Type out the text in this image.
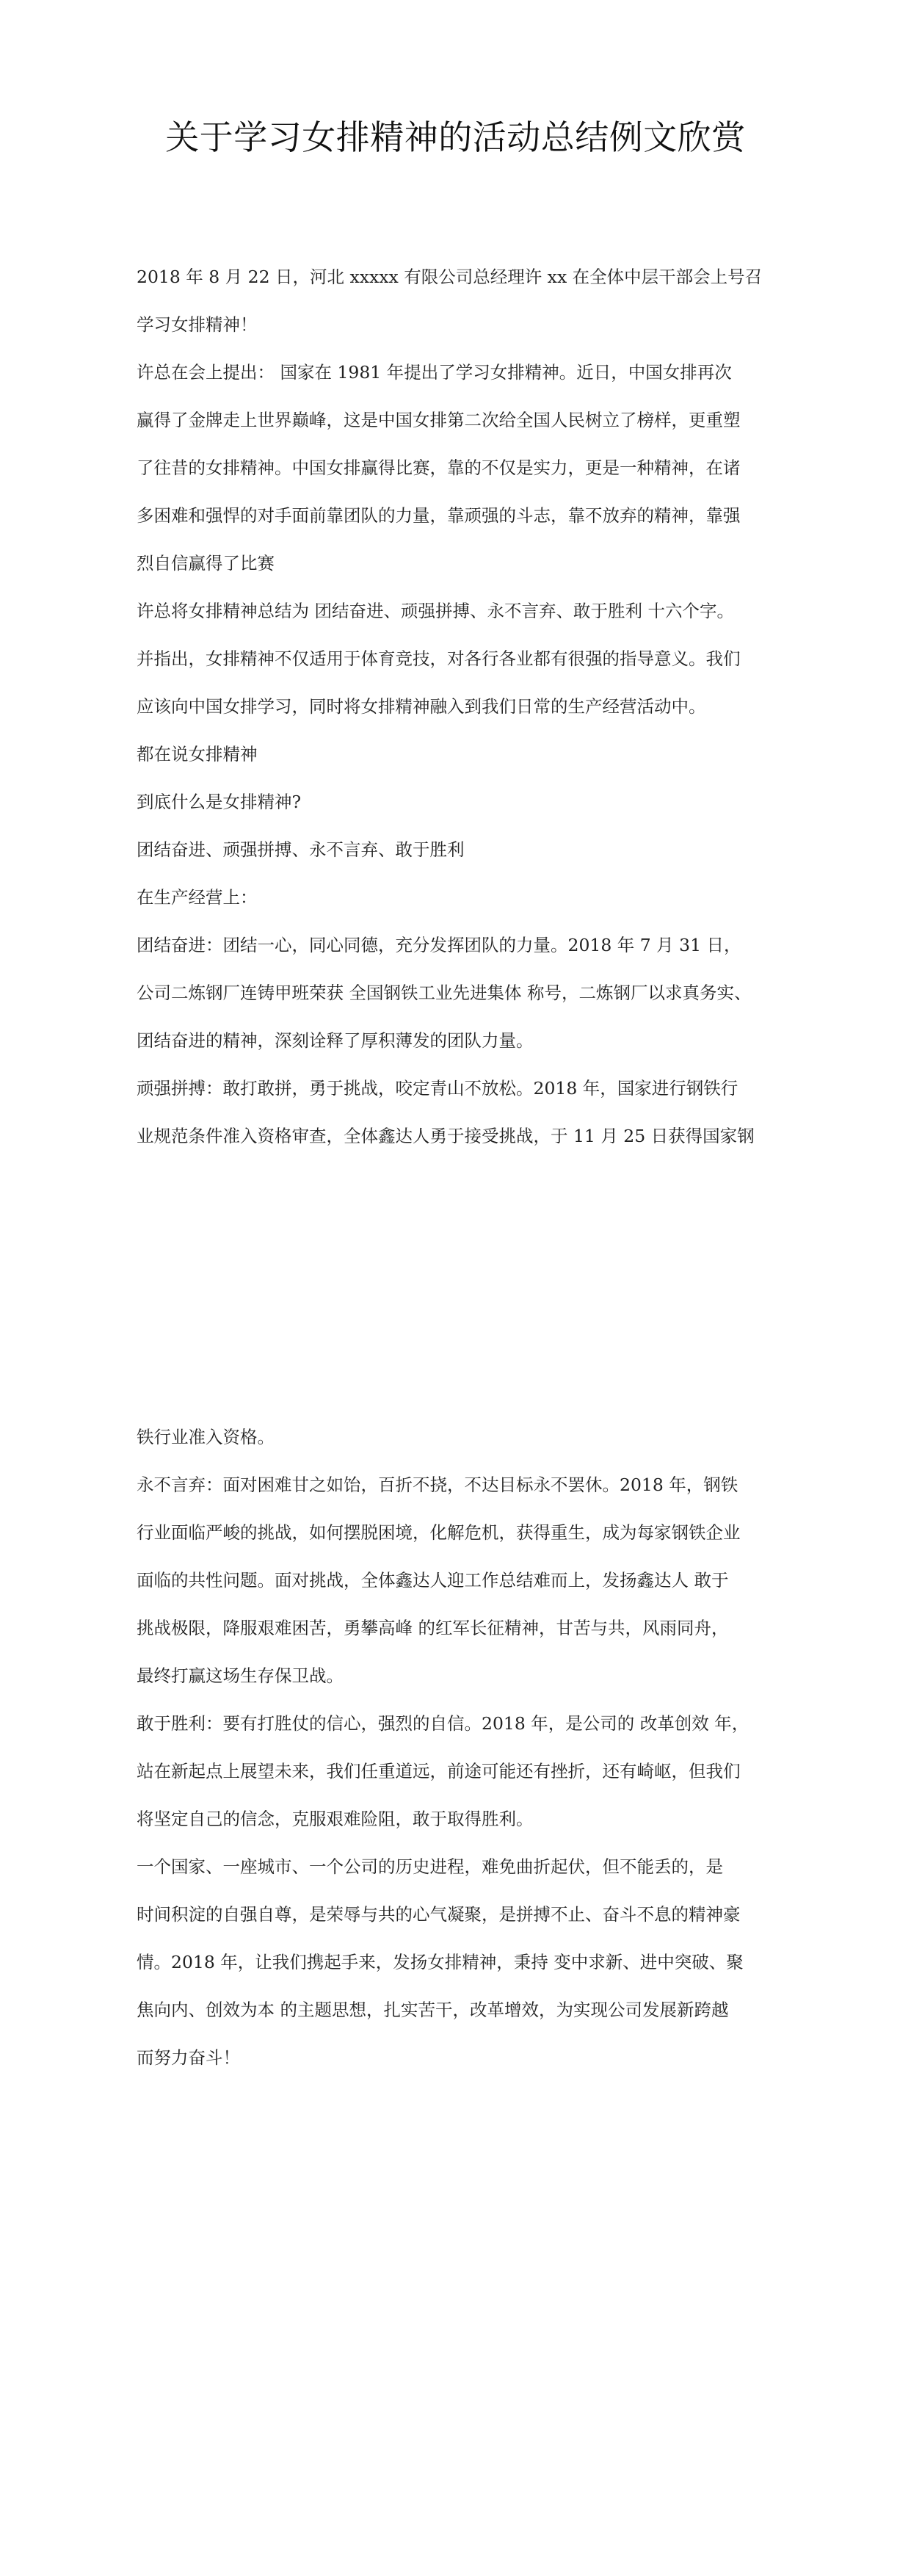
关于学习女排精神的活动总结例文欣赏

2018 年 8 月 22 日，河北 xxxxx 有限公司总经理许 xx 在全体中层干部会上号召

学习女排精神！

许总在会上提出： 国家在 1981 年提出了学习女排精神。近日，中国女排再次

赢得了金牌走上世界巅峰，这是中国女排第二次给全国人民树立了榜样，更重塑

了往昔的女排精神。中国女排赢得比赛，靠的不仅是实力，更是一种精神，在诸

多困难和强悍的对手面前靠团队的力量，靠顽强的斗志，靠不放弃的精神，靠强

烈自信赢得了比赛

许总将女排精神总结为 团结奋进、顽强拼搏、永不言弃、敢于胜利 十六个字。

并指出，女排精神不仅适用于体育竞技，对各行各业都有很强的指导意义。我们

应该向中国女排学习，同时将女排精神融入到我们日常的生产经营活动中。

都在说女排精神

到底什么是女排精神?

团结奋进、顽强拼搏、永不言弃、敢于胜利

在生产经营上：

团结奋进：团结一心，同心同德，充分发挥团队的力量。2018 年 7 月 31 日，

公司二炼钢厂连铸甲班荣获 全国钢铁工业先进集体 称号，二炼钢厂以求真务实、

团结奋进的精神，深刻诠释了厚积薄发的团队力量。

顽强拼搏：敢打敢拼，勇于挑战，咬定青山不放松。2018 年，国家进行钢铁行

业规范条件准入资格审查，全体鑫达人勇于接受挑战，于 11 月 25 日获得国家钢

铁行业准入资格。

永不言弃：面对困难甘之如饴，百折不挠，不达目标永不罢休。2018 年，钢铁

行业面临严峻的挑战，如何摆脱困境，化解危机，获得重生，成为每家钢铁企业

面临的共性问题。面对挑战，全体鑫达人迎工作总结难而上，发扬鑫达人 敢于

挑战极限，降服艰难困苦，勇攀高峰 的红军长征精神，甘苦与共，风雨同舟，

最终打赢这场生存保卫战。

敢于胜利：要有打胜仗的信心，强烈的自信。2018 年，是公司的 改革创效 年，

站在新起点上展望未来，我们任重道远，前途可能还有挫折，还有崎岖，但我们

将坚定自己的信念，克服艰难险阻，敢于取得胜利。

一个国家、一座城市、一个公司的历史进程，难免曲折起伏，但不能丢的，是

时间积淀的自强自尊，是荣辱与共的心气凝聚，是拼搏不止、奋斗不息的精神豪

情。2018 年，让我们携起手来，发扬女排精神，秉持 变中求新、进中突破、聚

焦向内、创效为本 的主题思想，扎实苦干，改革增效，为实现公司发展新跨越

而努力奋斗！
